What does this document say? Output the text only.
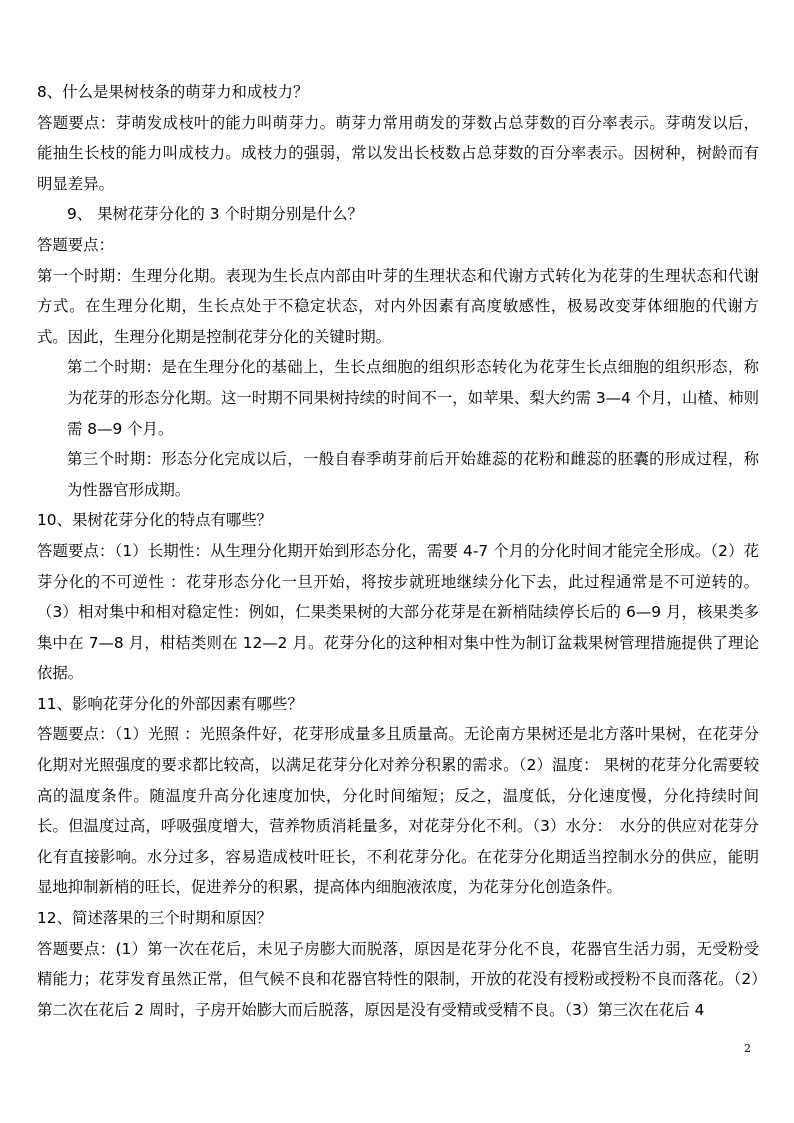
8、什么是果树枝条的萌芽力和成枝力？

答题要点：芽萌发成枝叶的能力叫萌芽力。萌芽力常用萌发的芽数占总芽数的百分率表示。芽萌发以后，能抽生长枝的能力叫成枝力。成枝力的强弱，常以发出长枝数占总芽数的百分率表示。因树种，树龄而有明显差异。

9、 果树花芽分化的 3 个时期分别是什么？

答题要点：

第一个时期：生理分化期。表现为生长点内部由叶芽的生理状态和代谢方式转化为花芽的生理状态和代谢方式。在生理分化期，生长点处于不稳定状态，对内外因素有高度敏感性，极易改变芽体细胞的代谢方式。因此，生理分化期是控制花芽分化的关键时期。

第二个时期：是在生理分化的基础上，生长点细胞的组织形态转化为花芽生长点细胞的组织形态，称为花芽的形态分化期。这一时期不同果树持续的时间不一，如苹果、梨大约需 3—4 个月，山楂、柿则需 8—9 个月。

第三个时期：形态分化完成以后，一般自春季萌芽前后开始雄蕊的花粉和雌蕊的胚囊的形成过程，称为性器官形成期。

10、果树花芽分化的特点有哪些？

答题要点：（1）长期性：从生理分化期开始到形态分化，需要 4-7 个月的分化时间才能完全形成。（2）花芽分化的不可逆性 ：花芽形态分化一旦开始，将按步就班地继续分化下去，此过程通常是不可逆转的。（3）相对集中和相对稳定性：例如，仁果类果树的大部分花芽是在新梢陆续停长后的 6—9 月，核果类多集中在 7—8 月，柑桔类则在 12—2 月。花芽分化的这种相对集中性为制订盆栽果树管理措施提供了理论依据。

11、影响花芽分化的外部因素有哪些？

答题要点：（1）光照 ：光照条件好，花芽形成量多且质量高。无论南方果树还是北方落叶果树，在花芽分化期对光照强度的要求都比较高，以满足花芽分化对养分积累的需求。（2）温度： 果树的花芽分化需要较高的温度条件。随温度升高分化速度加快，分化时间缩短；反之，温度低，分化速度慢，分化持续时间长。但温度过高，呼吸强度增大，营养物质消耗量多，对花芽分化不利。（3）水分：　水分的供应对花芽分化有直接影响。水分过多，容易造成枝叶旺长，不利花芽分化。在花芽分化期适当控制水分的供应，能明显地抑制新梢的旺长，促进养分的积累，提高体内细胞液浓度，为花芽分化创造条件。

12、简述落果的三个时期和原因？

答题要点：(1）第一次在花后，未见子房膨大而脱落，原因是花芽分化不良，花器官生活力弱，无受粉受精能力；花芽发育虽然正常，但气候不良和花器官特性的限制，开放的花没有授粉或授粉不良而落花。（2）第二次在花后 2 周时，子房开始膨大而后脱落，原因是没有受精或受精不良。（3）第三次在花后 4

2
